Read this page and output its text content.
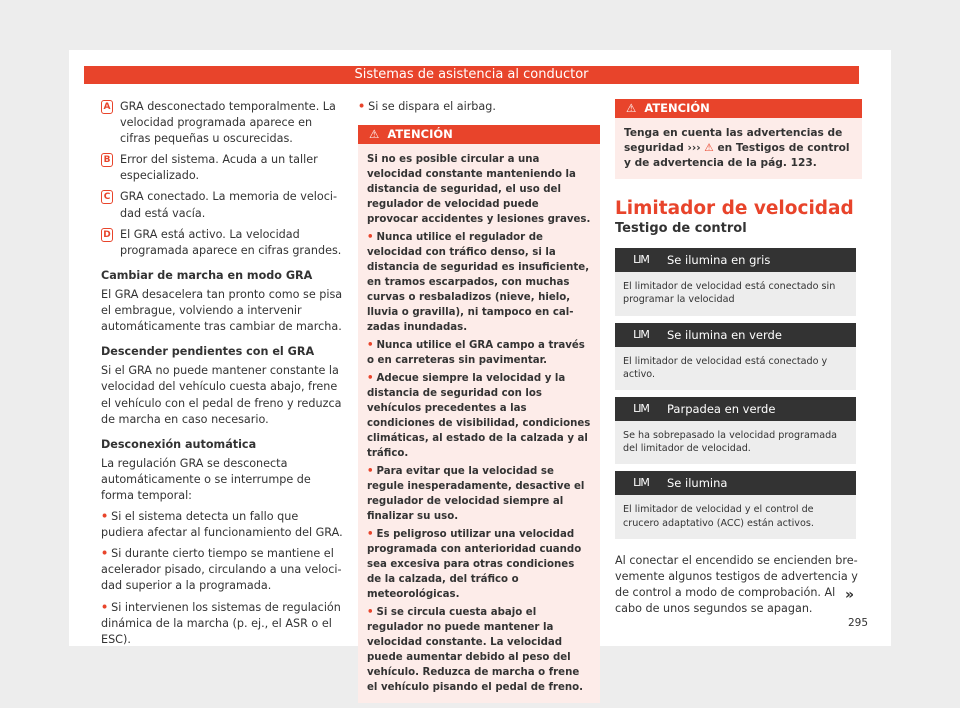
Sistemas de asistencia al conductor
A GRA desconectado temporalmente. La velocidad programada aparece en cifras pequeñas u oscurecidas.
B Error del sistema. Acuda a un taller especializado.
C GRA conectado. La memoria de velocidad está vacía.
D El GRA está activo. La velocidad programada aparece en cifras grandes.
Cambiar de marcha en modo GRA

El GRA desacelera tan pronto como se pisa el embrague, volviendo a intervenir automáticamente tras cambiar de marcha.

Descender pendientes con el GRA

Si el GRA no puede mantener constante la velocidad del vehículo cuesta abajo, frene el vehículo con el pedal de freno y reduzca de marcha en caso necesario.

Desconexión automática

La regulación GRA se desconecta automáticamente o se interrumpe de forma temporal:

• Si el sistema detecta un fallo que pudiera afectar al funcionamiento del GRA.
• Si durante cierto tiempo se mantiene el acelerador pisado, circulando a una velocidad superior a la programada.
• Si intervienen los sistemas de regulación dinámica de la marcha (p. ej., el ASR o el ESC).
• Si se dispara el airbag.
⚠ ATENCIÓN
Si no es posible circular a una velocidad constante manteniendo la distancia de seguridad, el uso del regulador de velocidad puede provocar accidentes y lesiones graves.
• Nunca utilice el regulador de velocidad con tráfico denso, si la distancia de seguridad es insuficiente, en tramos escarpados, con muchas curvas o resbaladizos (nieve, hielo, lluvia o gravilla), ni tampoco en calzadas inundadas.
• Nunca utilice el GRA campo a través o en carreteras sin pavimentar.
• Adecue siempre la velocidad y la distancia de seguridad con los vehículos precedentes a las condiciones de visibilidad, condiciones climáticas, al estado de la calzada y al tráfico.
• Para evitar que la velocidad se regule inesperadamente, desactive el regulador de velocidad siempre al finalizar su uso.
• Es peligroso utilizar una velocidad programada con anterioridad cuando sea excesiva para otras condiciones de la calzada, del tráfico o meteorológicas.
• Si se circula cuesta abajo el regulador no puede mantener la velocidad constante. La velocidad puede aumentar debido al peso del vehículo. Reduzca de marcha o frene el vehículo pisando el pedal de freno.
⚠ ATENCIÓN
Tenga en cuenta las advertencias de seguridad ››› ⚠ en Testigos de control y de advertencia de la pág. 123.
Limitador de velocidad
Testigo de control
LIM	Se ilumina en gris
El limitador de velocidad está conectado sin programar la velocidad
LIM	Se ilumina en verde
El limitador de velocidad está conectado y activo.
LIM	Parpadea en verde
Se ha sobrepasado la velocidad programada del limitador de velocidad.
LIM	Se ilumina
El limitador de velocidad y el control de crucero adaptativo (ACC) están activos.
Al conectar el encendido se encienden brevemente algunos testigos de advertencia y de control a modo de comprobación. Al cabo de unos segundos se apagan.
»
295
